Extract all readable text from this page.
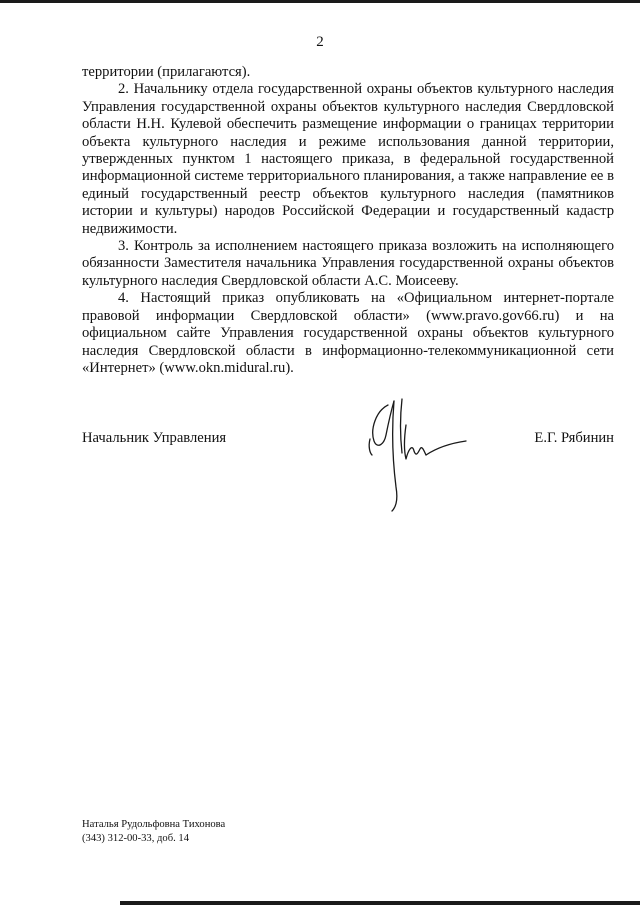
2

территории (прилагаются).

2. Начальнику отдела государственной охраны объектов культурного наследия Управления государственной охраны объектов культурного наследия Свердловской области Н.Н. Кулевой обеспечить размещение информации о границах территории объекта культурного наследия и режиме использования данной территории, утвержденных пунктом 1 настоящего приказа, в федеральной государственной информационной системе территориального планирования, а также направление ее в единый государственный реестр объектов культурного наследия (памятников истории и культуры) народов Российской Федерации и государственный кадастр недвижимости.

3. Контроль за исполнением настоящего приказа возложить на исполняющего обязанности Заместителя начальника Управления государственной охраны объектов культурного наследия Свердловской области А.С. Моисееву.

4. Настоящий приказ опубликовать на «Официальном интернет-портале правовой информации Свердловской области» (www.pravo.gov66.ru) и на официальном сайте Управления государственной охраны объектов культурного наследия Свердловской области в информационно-телекоммуникационной сети «Интернет» (www.okn.midural.ru).

Начальник Управления	Е.Г. Рябинин
Наталья Рудольфовна Тихонова
(343) 312-00-33, доб. 14
